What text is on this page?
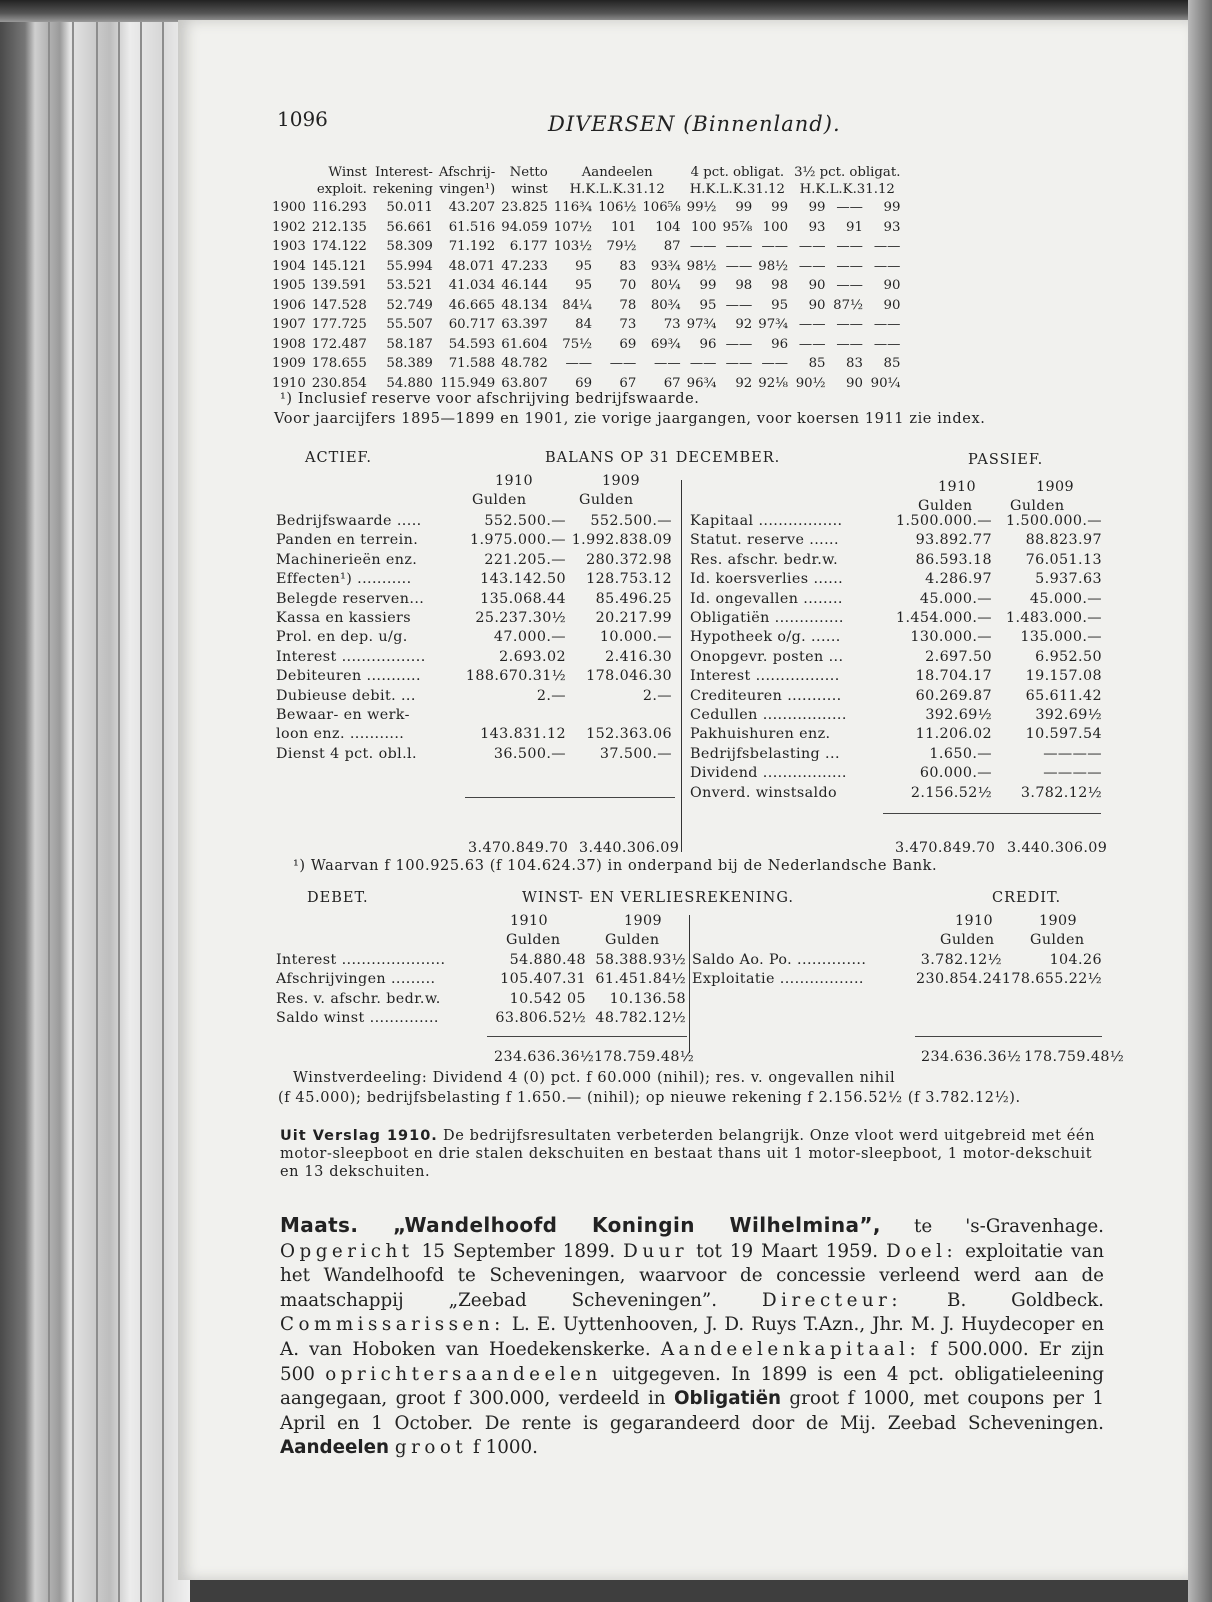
1096	DIVERSEN (Binnenland).
	Winst	Interest-	Afschrij-	Netto	Aandeelen			4 pct. obligat.			3½ pct. obligat.		
	exploit.	rekening	vingen¹)	winst	H.K.L.K.31.12			H.K.L.K.31.12			H.K.L.K.31.12		
1900	116.293	50.011	43.207	23.825	116¾	106½	106⅝	99½	99	99	99	——	99
1902	212.135	56.661	61.516	94.059	107½	101	104	100	95⅞	100	93	91	93
1903	174.122	58.309	71.192	6.177	103½	79½	87	——	——	——	——	——	——
1904	145.121	55.994	48.071	47.233	95	83	93¾	98½	——	98½	——	——	——
1905	139.591	53.521	41.034	46.144	95	70	80¼	99	98	98	90	——	90
1906	147.528	52.749	46.665	48.134	84¼	78	80¾	95	——	95	90	87½	90
1907	177.725	55.507	60.717	63.397	84	73	73	97¾	92	97¾	——	——	——
1908	172.487	58.187	54.593	61.604	75½	69	69¾	96	——	96	——	——	——
1909	178.655	58.389	71.588	48.782	——	——	——	——	——	——	85	83	85
1910	230.854	54.880	115.949	63.807	69	67	67	96¾	92	92⅛	90½	90	90¼
¹) Inclusief reserve voor afschrijving bedrijfswaarde.
Voor jaarcijfers 1895—1899 en 1901, zie vorige jaargangen, voor koersen 1911 zie index.
ACTIEF.	BALANS OP 31 DECEMBER.	PASSIEF.
1910	1909
Gulden	Gulden
1910	1909
Gulden	Gulden
Bedrijfswaarde .....	552.500.—	552.500.—
Panden en terrein.	1.975.000.—	1.992.838.09
Machinerieën enz.	221.205.—	280.372.98
Effecten¹) ...........	143.142.50	128.753.12
Belegde reserven...	135.068.44	85.496.25
Kassa en kassiers	25.237.30½	20.217.99
Prol. en dep. u/g.	47.000.—	10.000.—
Interest .................	2.693.02	2.416.30
Debiteuren ...........	188.670.31½	178.046.30
Dubieuse debit. ...	2.—	2.—
Bewaar- en werk-		
loon enz. ...........	143.831.12	152.363.06
Dienst 4 pct. obl.l.	36.500.—	37.500.—
Kapitaal .................	1.500.000.—	1.500.000.—
Statut. reserve ......	93.892.77	88.823.97
Res. afschr. bedr.w.	86.593.18	76.051.13
Id. koersverlies ......	4.286.97	5.937.63
Id. ongevallen ........	45.000.—	45.000.—
Obligatiën ..............	1.454.000.—	1.483.000.—
Hypotheek o/g. ......	130.000.—	135.000.—
Onopgevr. posten ...	2.697.50	6.952.50
Interest .................	18.704.17	19.157.08
Crediteuren ...........	60.269.87	65.611.42
Cedullen .................	392.69½	392.69½
Pakhuishuren enz.	11.206.02	10.597.54
Bedrijfsbelasting ...	1.650.—	————
Dividend .................	60.000.—	————
Onverd. winstsaldo	2.156.52½	3.782.12½
3.470.849.70 3.440.306.09	3.470.849.70 3.440.306.09
¹) Waarvan f 100.925.63 (f 104.624.37) in onderpand bij de Nederlandsche Bank.
DEBET.	WINST- EN VERLIESREKENING.	CREDIT.
1910	1909
Gulden	Gulden
1910	1909
Gulden Gulden
Interest .....................	54.880.48	58.388.93½
Afschrijvingen .........	105.407.31	61.451.84½
Res. v. afschr. bedr.w.	10.542 05	10.136.58
Saldo winst ..............	63.806.52½	48.782.12½
Saldo Ao. Po. ..............	3.782.12½	104.26
Exploitatie .................	230.854.24	178.655.22½
234.636.36½ 178.759.48½	234.636.36½ 178.759.48½
Winstverdeeling: Dividend 4 (0) pct. f 60.000 (nihil); res. v. ongevallen nihil
(f 45.000); bedrijfsbelasting f 1.650.— (nihil); op nieuwe rekening f 2.156.52½ (f 3.782.12½).
Uit Verslag 1910. De bedrijfsresultaten verbeterden belangrijk. Onze vloot werd uitgebreid met één motor-sleepboot en drie stalen dekschuiten en bestaat thans uit 1 motor-sleepboot, 1 motor-dekschuit en 13 dekschuiten.
Maats. „Wandelhoofd Koningin Wilhelmina”, te 's-Gravenhage. Opgericht 15 September 1899. Duur tot 19 Maart 1959. Doel: exploitatie van het Wandelhoofd te Scheveningen, waarvoor de concessie verleend werd aan de maatschappij „Zeebad Scheveningen”. Directeur: B. Goldbeck. Commissarissen: L. E. Uyttenhooven, J. D. Ruys T.Azn., Jhr. M. J. Huydecoper en A. van Hoboken van Hoedekenskerke. Aandeelenkapitaal: f 500.000. Er zijn 500 oprichtersaandeelen uitgegeven. In 1899 is een 4 pct. obligatieleening aangegaan, groot f 300.000, verdeeld in Obligatiën groot f 1000, met coupons per 1 April en 1 October. De rente is gegarandeerd door de Mij. Zeebad Scheveningen. Aandeelen groot f 1000.
